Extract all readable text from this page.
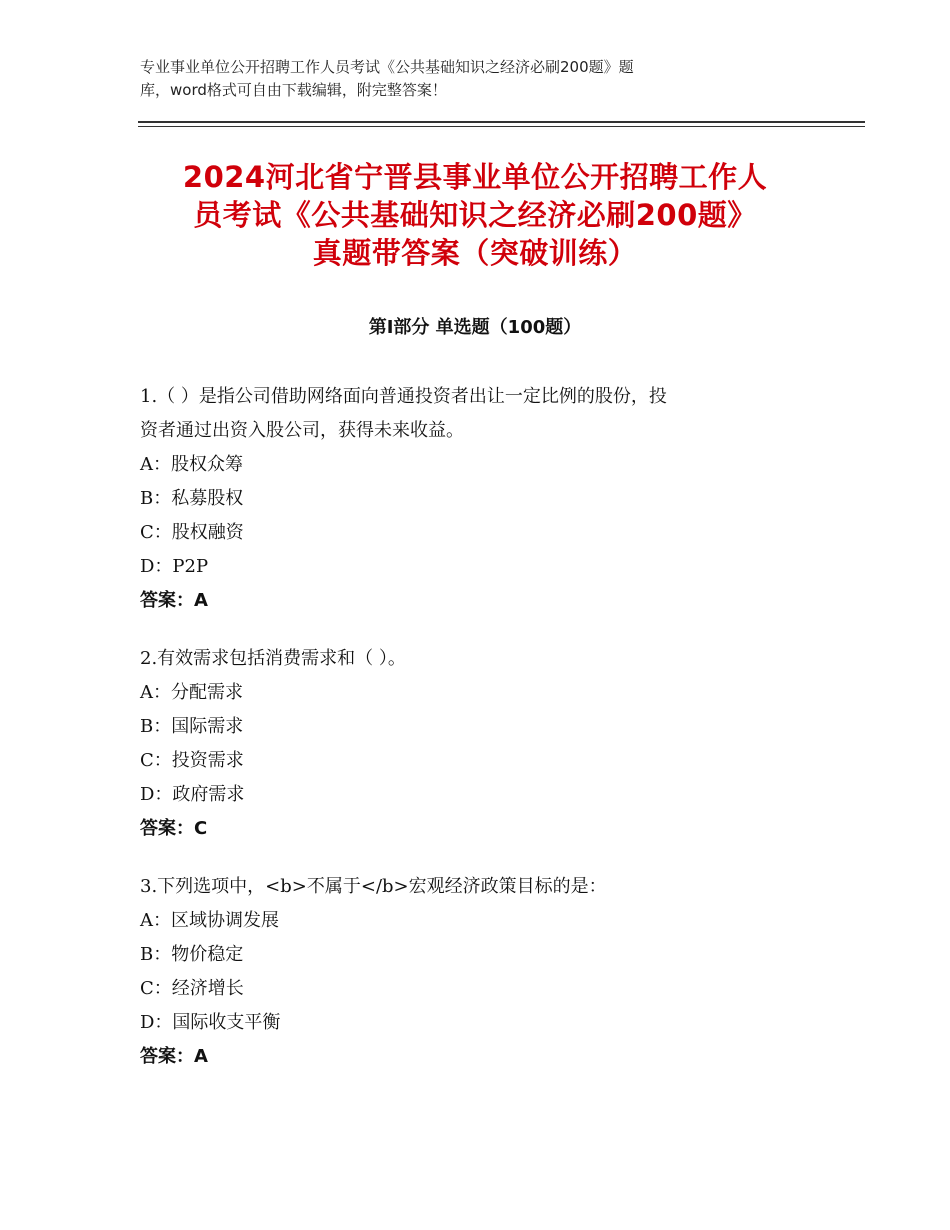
专业事业单位公开招聘工作人员考试《公共基础知识之经济必刷200题》题
库，word格式可自由下载编辑，附完整答案！
2024河北省宁晋县事业单位公开招聘工作人
员考试《公共基础知识之经济必刷200题》
真题带答案（突破训练）
第Ⅰ部分 单选题（100题）
1.（ ）是指公司借助网络面向普通投资者出让一定比例的股份，投
资者通过出资入股公司，获得未来收益。
A：股权众筹
B：私募股权
C：股权融资
D：P2P
答案：A
2.有效需求包括消费需求和（ ）。
A：分配需求
B：国际需求
C：投资需求
D：政府需求
答案：C
3.下列选项中，<b>不属于</b>宏观经济政策目标的是：
A：区域协调发展
B：物价稳定
C：经济增长
D：国际收支平衡
答案：A
